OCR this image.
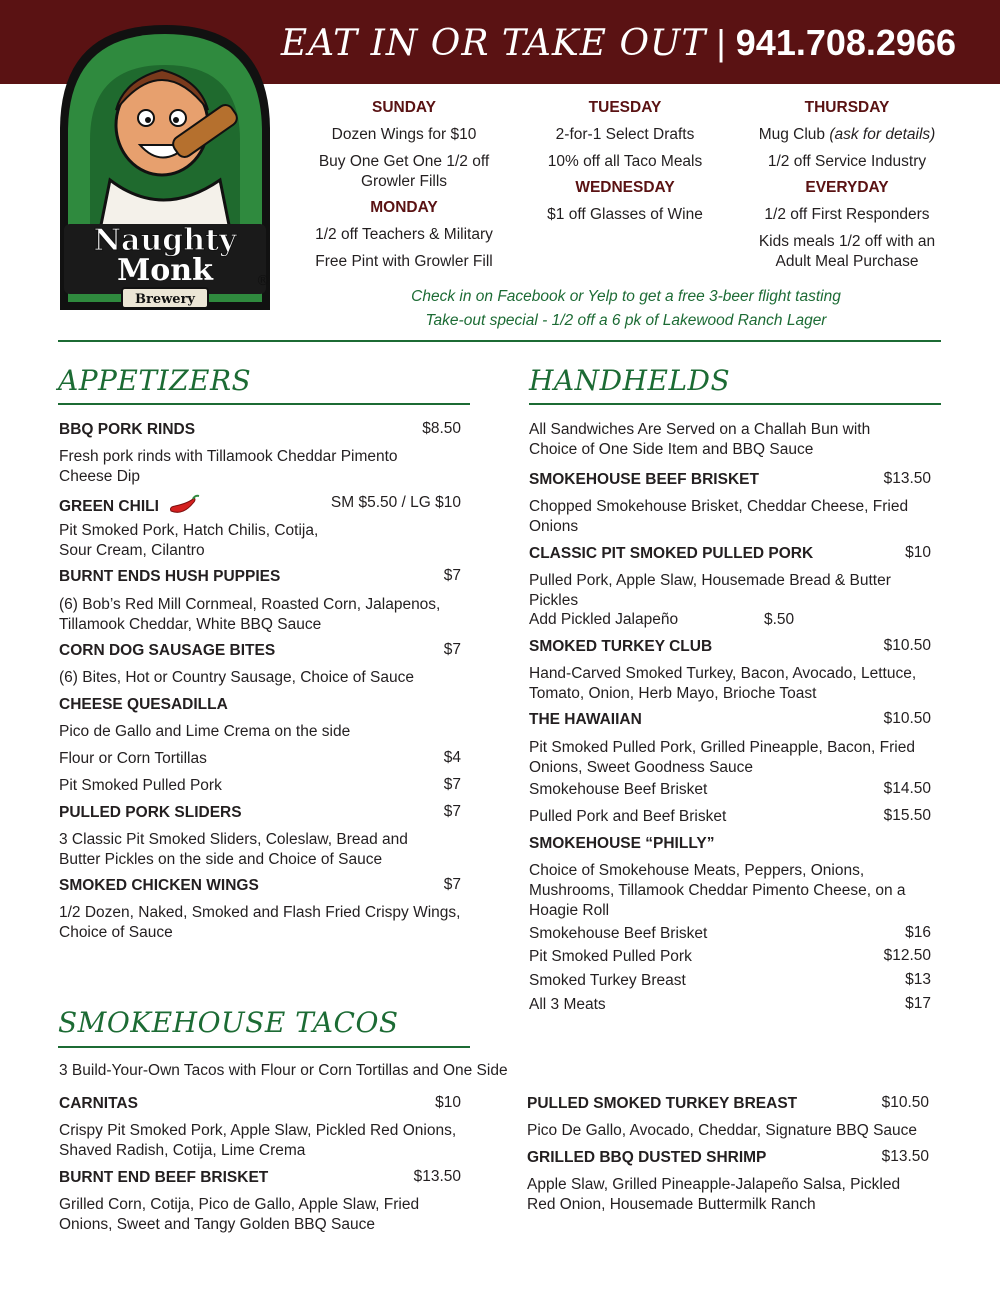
EAT IN OR TAKE OUT | 941.708.2966
Naughty
Monk
Brewery
®
SUNDAY
Dozen Wings for $10
Buy One Get One 1/2 off Growler Fills
MONDAY
1/2 off Teachers & Military
Free Pint with Growler Fill
TUESDAY
2-for-1 Select Drafts
10% off all Taco Meals
WEDNESDAY
$1 off Glasses of Wine
THURSDAY
Mug Club (ask for details)
1/2 off Service Industry
EVERYDAY
1/2 off First Responders
Kids meals 1/2 off with an Adult Meal Purchase
Check in on Facebook or Yelp to get a free 3-beer flight tasting
Take-out special - 1/2 off a 6 pk of Lakewood Ranch Lager
APPETIZERS
BBQ PORK RINDS	$8.50
Fresh pork rinds with Tillamook Cheddar Pimento Cheese Dip
GREEN CHILI	SM $5.50 / LG $10
Pit Smoked Pork, Hatch Chilis, Cotija,
Sour Cream, Cilantro
BURNT ENDS HUSH PUPPIES	$7
(6) Bob’s Red Mill Cornmeal, Roasted Corn, Jalapenos, Tillamook Cheddar, White BBQ Sauce
CORN DOG SAUSAGE BITES	$7
(6) Bites, Hot or Country Sausage, Choice of Sauce
CHEESE QUESADILLA
Pico de Gallo and Lime Crema on the side
Flour or Corn Tortillas	$4
Pit Smoked Pulled Pork	$7
PULLED PORK SLIDERS	$7
3 Classic Pit Smoked Sliders, Coleslaw, Bread and Butter Pickles on the side and Choice of Sauce
SMOKED CHICKEN WINGS	$7
1/2 Dozen, Naked, Smoked and Flash Fried Crispy Wings, Choice of Sauce
HANDHELDS
All Sandwiches Are Served on a Challah Bun with Choice of One Side Item and BBQ Sauce
SMOKEHOUSE BEEF BRISKET	$13.50
Chopped Smokehouse Brisket, Cheddar Cheese, Fried Onions
CLASSIC PIT SMOKED PULLED PORK	$10
Pulled Pork, Apple Slaw, Housemade Bread & Butter Pickles
Add Pickled Jalapeño	$.50
SMOKED TURKEY CLUB	$10.50
Hand-Carved Smoked Turkey, Bacon, Avocado, Lettuce, Tomato, Onion, Herb Mayo, Brioche Toast
THE HAWAIIAN	$10.50
Pit Smoked Pulled Pork, Grilled Pineapple, Bacon, Fried Onions, Sweet Goodness Sauce
Smokehouse Beef Brisket	$14.50
Pulled Pork and Beef Brisket	$15.50
SMOKEHOUSE “PHILLY”
Choice of Smokehouse Meats, Peppers, Onions, Mushrooms, Tillamook Cheddar Pimento Cheese, on a Hoagie Roll
Smokehouse Beef Brisket	$16
Pit Smoked Pulled Pork	$12.50
Smoked Turkey Breast	$13
All 3 Meats	$17
SMOKEHOUSE TACOS
3 Build-Your-Own Tacos with Flour or Corn Tortillas and One Side
CARNITAS	$10
Crispy Pit Smoked Pork, Apple Slaw, Pickled Red Onions, Shaved Radish, Cotija, Lime Crema
BURNT END BEEF BRISKET	$13.50
Grilled Corn, Cotija, Pico de Gallo, Apple Slaw, Fried Onions, Sweet and Tangy Golden BBQ Sauce
PULLED SMOKED TURKEY BREAST	$10.50
Pico De Gallo, Avocado, Cheddar, Signature BBQ Sauce
GRILLED BBQ DUSTED SHRIMP	$13.50
Apple Slaw, Grilled Pineapple-Jalapeño Salsa, Pickled Red Onion, Housemade Buttermilk Ranch
